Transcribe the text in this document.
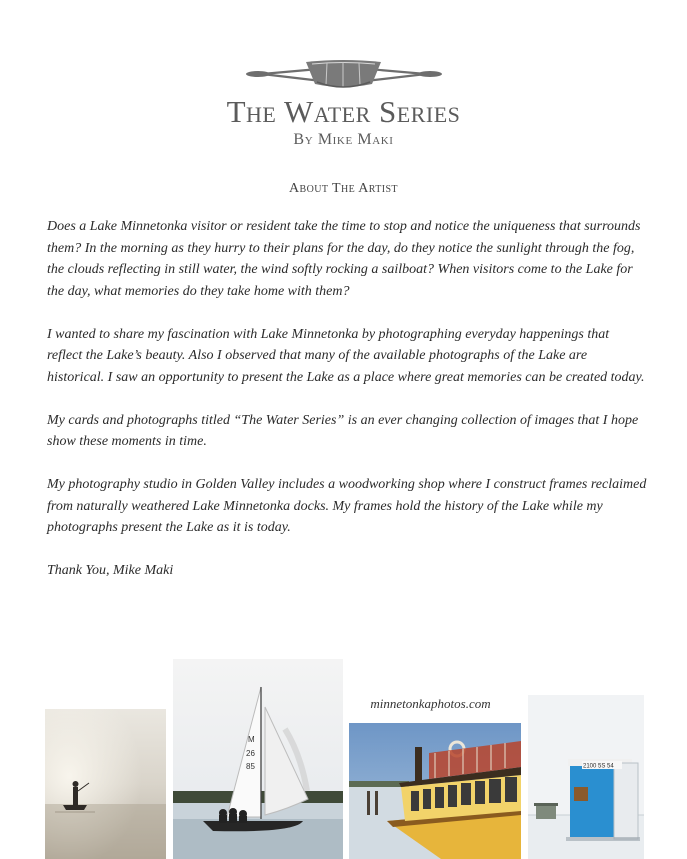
The Water Series
By Mike Maki
About The Artist

Does a Lake Minnetonka visitor or resident take the time to stop and notice the uniqueness that surrounds them? In the morning as they hurry to their plans for the day, do they notice the sunlight through the fog, the clouds reflecting in still water, the wind softly rocking a sailboat? When visitors come to the Lake for the day, what memories do they take home with them?

I wanted to share my fascination with Lake Minnetonka by photographing everyday happenings that reflect the Lake’s beauty. Also I observed that many of the available photographs of the Lake are historical. I saw an opportunity to present the Lake as a place where great memories can be created today.

My cards and photographs titled “The Water Series” is an ever changing collection of images that I hope show these moments in time.

My photography studio in Golden Valley includes a woodworking shop where I construct frames reclaimed from naturally weathered Lake Minnetonka docks. My frames hold the history of the Lake while my photographs present the Lake as it is today.

Thank You, Mike Maki

minnetonkaphotos.com
M
26
85	2100 5S 54
